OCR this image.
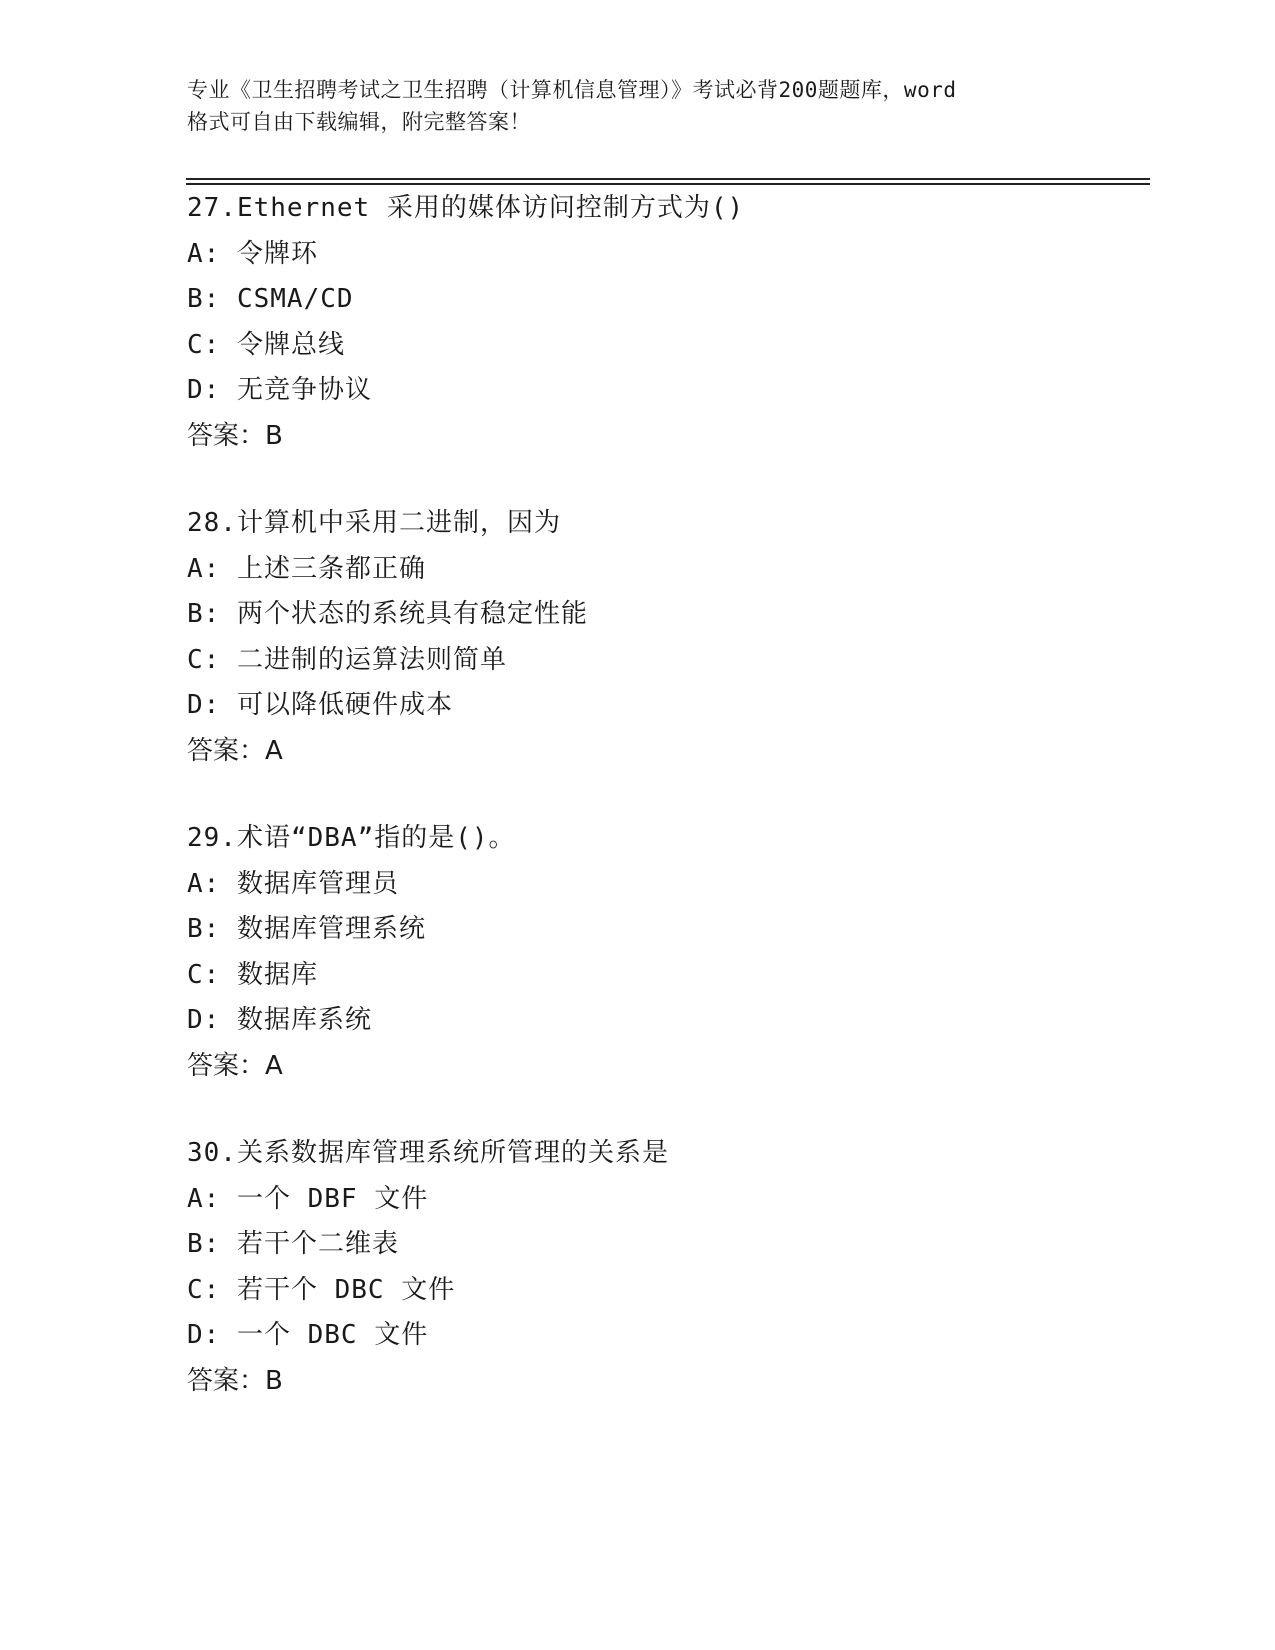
专业《卫生招聘考试之卫生招聘（计算机信息管理）》考试必背200题题库，word
格式可自由下载编辑，附完整答案！
27.Ethernet 采用的媒体访问控制方式为()
A: 令牌环
B: CSMA/CD
C: 令牌总线
D: 无竞争协议
答案：B
28.计算机中采用二进制，因为
A: 上述三条都正确
B: 两个状态的系统具有稳定性能
C: 二进制的运算法则简单
D: 可以降低硬件成本
答案：A
29.术语“DBA”指的是()。
A: 数据库管理员
B: 数据库管理系统
C: 数据库
D: 数据库系统
答案：A
30.关系数据库管理系统所管理的关系是
A: 一个 DBF 文件
B: 若干个二维表
C: 若干个 DBC 文件
D: 一个 DBC 文件
答案：B
